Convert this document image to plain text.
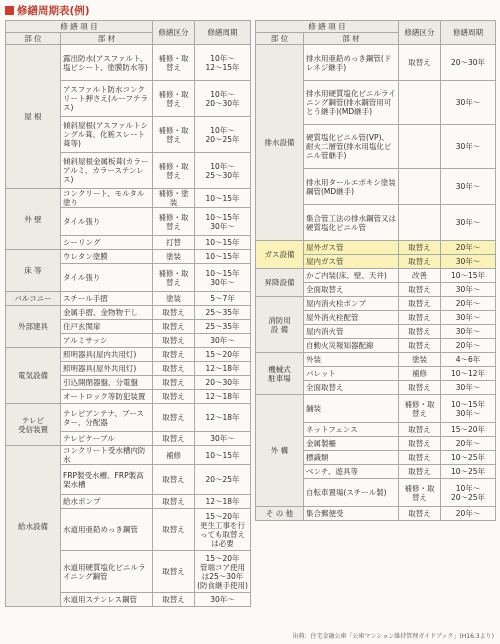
修繕周期表(例)
修 繕 項 目		修繕区分	修繕周期
部 位	部 材		
屋 根	露出防水(アスファルト、塩ビシート、塗膜防水等)	補修・取替え	10年〜
12〜15年
	アスファルト防水コンクリート押さえ(ルーフテラス)	補修・取替え	10年〜
20〜30年
	傾斜屋根(アスファルトシングル葺、化粧スレート葺等)	補修・取替え	10年〜
20〜25年
	傾斜屋根金属板葺(カラーアルミ、カラーステンレス)	補修・取替え	10年〜
25〜30年
外 壁	コンクリート、モルタル塗り	補修・塗装	10〜15年
	タイル張り	補修・取替え	10〜15年
30年〜
	シーリング	打替	10〜15年
床 等	ウレタン塗膜	塗装	10〜15年
	タイル張り	補修・取替え	10〜15年
30年〜
バルコニー	スチール手摺	塗装	5〜7年
外部建具	金属手摺、金物物干し	取替え	25〜35年
	住戸玄関扉	取替え	25〜35年
	アルミサッシ	取替え	30年〜
電気設備	照明器具(屋内共用灯)	取替え	15〜20年
	照明器具(屋外共用灯)	取替え	12〜18年
	引込開閉器盤、分電盤	取替え	20〜30年
	オートロック等防犯装置	取替え	12〜18年
テレビ
受信装置	テレビアンテナ、ブースター、分配器	取替え	12〜18年
	テレビケーブル	取替え	30年〜
給水設備	コンクリート受水槽内防水	補修	10〜15年
	FRP製受水槽、FRP製高架水槽	取替え	20〜25年
	給水ポンプ	取替え	12〜18年
	水道用亜鉛めっき鋼管	取替え	15〜20年
更生工事を行っても取替えは必要
	水道用硬質塩化ビニルライニング鋼管	取替え	15〜20年
管端コア使用は25〜30年
(防食継手使用)
	水道用ステンレス鋼管	取替え	30年〜
修 繕 項 目		修繕区分	修繕周期
部 位	部 材		
排水設備	排水用亜鉛めっき鋼管(ドレネジ継手)	取替え	20〜30年
	排水用硬質塩化ビニルライニング鋼管(排水鋼管用可とう継手)(MD継手)		30年〜
	硬質塩化ビニル管(VP)、耐火二層管(排水用塩化ビニル管継手)		30年〜
	排水用タールエポキシ塗装鋼管(MD継手)		30年〜
	集合管工法の排水鋼管又は硬質塩化ビニル管		30年〜
ガス設備	屋外ガス管	取替え	20年〜
	屋内ガス管	取替え	30年〜
昇降設備	かご内装(床、壁、天井)	改善	10〜15年
	全面取替え	取替え	30年〜
消防用
設 備	屋内消火栓ポンプ	取替え	20年〜
	屋外消火栓配管	取替え	30年〜
	屋内消火管	取替え	30年〜
	自動火災報知器配線	取替え	20年〜
機械式
駐車場	外装	塗装	4〜6年
	パレット	補修	10〜12年
	全面取替え	取替え	30年〜
外 構	舗装	補修・取替え	10〜15年
30年〜
	ネットフェンス	取替え	15〜20年
	金属製柵	取替え	20年〜
	標識類	取替え	10〜25年
	ベンチ、遊具等	取替え	10〜25年
	自転車置場(スチール製)	補修・取替え	10年〜
20〜25年
そ の 他	集合郵便受	取替え	20年〜
出典：住宅金融公庫「公庫マンション維持管理ガイドブック」(H16.3より)
